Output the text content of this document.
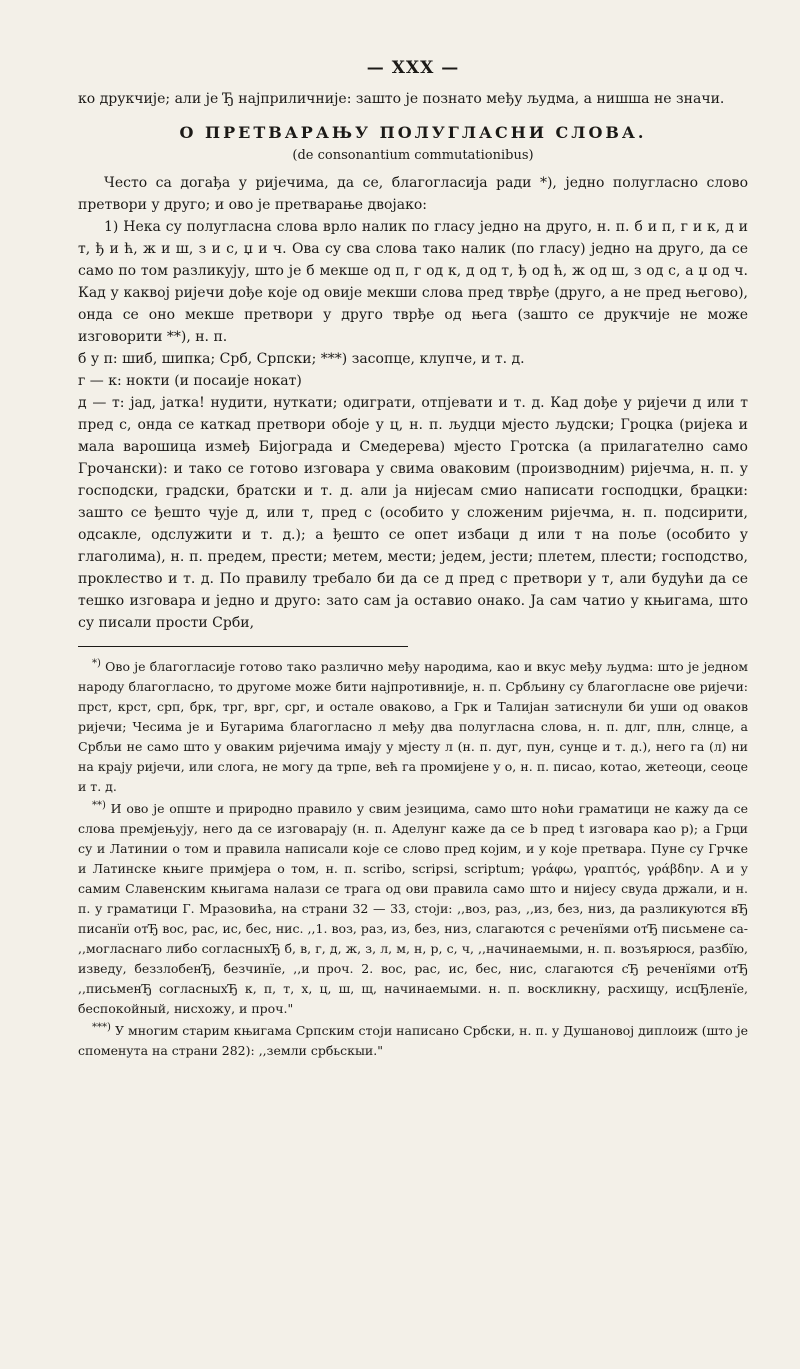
— XXX —

ко друкчије; али је Ђ најприличније: зашто је познато међу људма, а нишша не значи.

О ПРЕТВАРАЊУ ПОЛУГЛАСНИ СЛОВА.
(de consonantium commutationibus)

Често са догађа у ријечима, да се, благогласија ради *), једно полугласно слово претвори у друго; и ово је претварање двојако:

1) Нека су полугласна слова врло налик по гласу једно на друго, н. п. б и п, г и к, д и т, ђ и ћ, ж и ш, з и с, џ и ч. Ова су сва слова тако налик (по гласу) једно на друго, да се само по том разликују, што је б мекше од п, г од к, д од т, ђ од ћ, ж од ш, з од с, а џ од ч. Кад у каквој ријечи дође које од овије мекши слова пред тврђе (друго, а не пред његово), онда се оно мекше претвори у друго тврђе од њега (зашто се друкчије не може изговорити **), н. п.

б у п: шиб, шипка; Срб, Српски; ***) засопце, клупче, и т. д.

г — к: нокти (и посаије нокат)

д — т: јад, јатка! нудити, нуткати; одиграти, отпјевати и т. д. Кад дође у ријечи д или т пред с, онда се каткад претвори обоје у ц, н. п. људци мјесто људски; Гроцка (ријека и мала варошица измеђ Бијограда и Смедерева) мјесто Гротска (а прилагателно само Грочански): и тако се готово изговара у свима оваковим (производним) ријечма, н. п. у господски, градски, братски и т. д. али ја нијесам смио написати господцки, брацки: зашто се ђешто чује д, или т, пред с (особито у сложеним ријечма, н. п. подсирити, одсакле, одслужити и т. д.); а ђешто се опет избаци д или т на поље (особито у глаголима), н. п. предем, прести; метем, мести; једем, јести; плетем, плести; господство, проклество и т. д. По правилу требало би да се д пред с претвори у т, али будући да се тешко изговара и једно и друго: зато сам ја оставио онако. Ја сам чатио у књигама, што су писали прости Срби,

*) Ово је благогласије готово тако различно међу народима, као и вкус међу људма: што је једном народу благогласно, то другоме може бити најпротивније, н. п. Србљину су благогласне ове ријечи: прст, крст, срп, брк, трг, врг, срг, и остале оваково, а Грк и Талијан затиснули би уши од оваков ријечи; Чесима је и Бугарима благогласно л међу два полугласна слова, н. п. длг, плн, слнце, а Србљи не само што у оваким ријечима имају у мјесту л (н. п. дуг, пун, сунце и т. д.), него га (л) ни на крају ријечи, или слога, не могу да трпе, већ га промијене у о, н. п. писао, котао, жетеоци, сеоце и т. д.

**) И ово је опште и природно правило у свим језицима, само што ноћи граматици не кажу да се слова премјењују, него да се изговарају (н. п. Аделунг каже да се b пред t изговара као p); а Грци су и Латинии о том и правила написали које се слово пред којим, и у које претвара. Пуне су Грчке и Латинске књиге примјера о том, н. п. scribo, scripsi, scriptum; γράφω, γραπτός, γράβδην. А и у самим Славенским књигама налази се трага од ови правила само што и нијесу свуда држали, и н. п. у граматици Г. Мразовића, на страни 32 — 33, стоји: ,,воз, раз, ,,из, без, низ, да разликуются вЂ писанїи отЂ вос, рас, ис, бес, нис. ,,1. воз, раз, из, без, низ, слагаются с реченїями отЂ письмене са- ,,могласнаго либо согласныхЂ б, в, г, д, ж, з, л, м, н, р, с, ч, ,,начинаемыми, н. п. возъярюся, разбїю, изведу, беззлобенЂ, безчинїе, ,,и проч. 2. вос, рас, ис, бес, нис, слагаются сЂ реченїями отЂ ,,письменЂ согласныхЂ к, п, т, х, ц, ш, щ, начинаемыми. н. п. воскликну, расхищу, исцЂленїе, беспокойный, нисхожу, и проч."

***) У многим старим књигама Српским стоји написано Србски, н. п. у Душановој диплоиж (што је споменута на страни 282): ,,земли србьскыи."
